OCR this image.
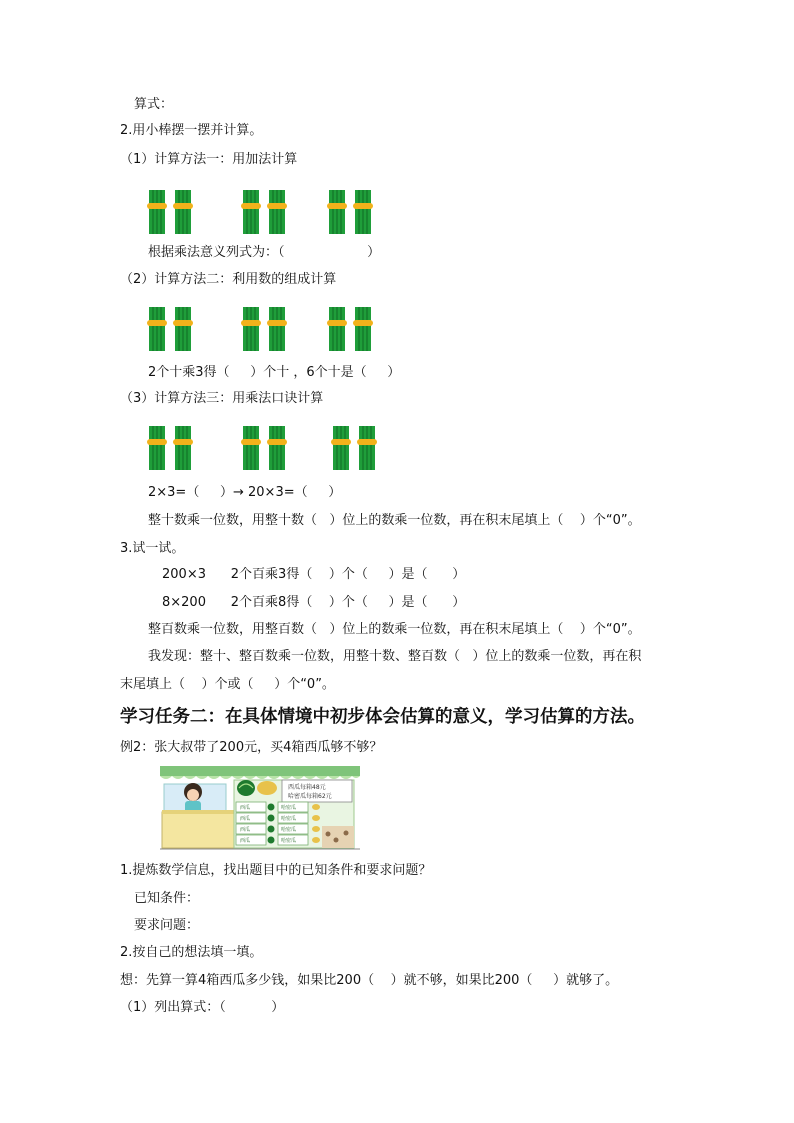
算式：
2.用小棒摆一摆并计算。
（1）计算方法一：用加法计算
根据乘法意义列式为：（                    ）
（2）计算方法二：利用数的组成计算
2个十乘3得（     ）个十 ，6个十是（     ）
（3）计算方法三：用乘法口诀计算
2×3=（     ）→ 20×3=（     ）
整十数乘一位数，用整十数（   ）位上的数乘一位数，再在积末尾填上（    ）个“0”。
3.试一试。
200×3      2个百乘3得（    ）个（     ）是（      ）
8×200      2个百乘8得（    ）个（     ）是（      ）
整百数乘一位数，用整百数（   ）位上的数乘一位数，再在积末尾填上（    ）个“0”。
我发现：整十、整百数乘一位数，用整十数、整百数（   ）位上的数乘一位数，再在积
末尾填上（    ）个或（     ）个“0”。
学习任务二：在具体情境中初步体会估算的意义，学习估算的方法。
例2：张大叔带了200元，买4箱西瓜够不够？
西瓜每箱48元
哈密瓜每箱62元
西瓜
西瓜
西瓜
西瓜
哈密瓜
哈密瓜
哈密瓜
哈密瓜
1.提炼数学信息，找出题目中的已知条件和要求问题？
已知条件：
要求问题：
2.按自己的想法填一填。
想：先算一算4箱西瓜多少钱，如果比200（    ）就不够，如果比200（     ）就够了。
（1）列出算式：（           ）
